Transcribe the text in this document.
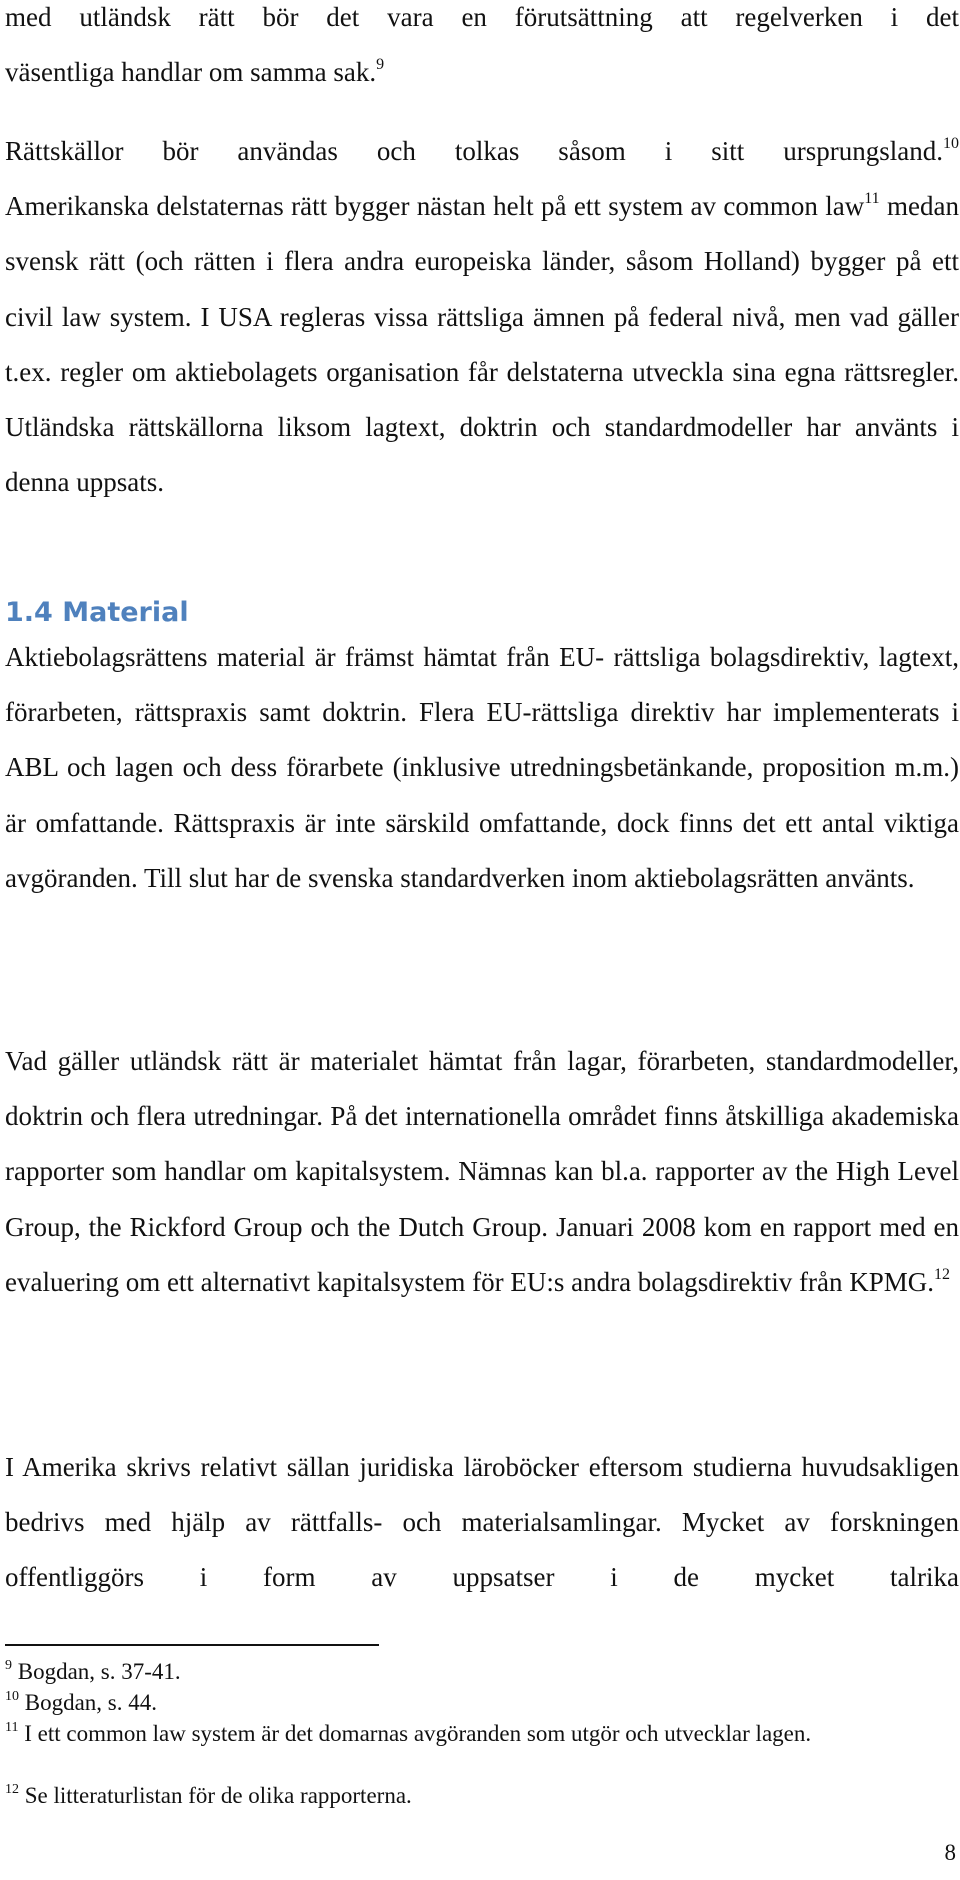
med utländsk rätt bör det vara en förutsättning att regelverken i det
väsentliga handlar om samma sak.$^9$

Rättskällor bör användas och tolkas såsom i sitt ursprungsland.$^{10}$
Amerikanska delstaternas rätt bygger nästan helt på ett system av common law$^{11}$ medan svensk rätt (och rätten i flera andra europeiska länder, såsom Holland) bygger på ett civil law system. I USA regleras vissa rättsliga ämnen på federal nivå, men vad gäller t.ex. regler om aktiebolagets organisation får delstaterna utveckla sina egna rättsregler. Utländska rättskällorna liksom lagtext, doktrin och standardmodeller har använts i denna uppsats.

1.4 Material

Aktiebolagsrättens material är främst hämtat från EU- rättsliga bolagsdirektiv, lagtext, förarbeten, rättspraxis samt doktrin. Flera EU-rättsliga direktiv har implementerats i ABL och lagen och dess förarbete (inklusive utredningsbetänkande, proposition m.m.) är omfattande. Rättspraxis är inte särskild omfattande, dock finns det ett antal viktiga avgöranden. Till slut har de svenska standardverken inom aktiebolagsrätten använts.

Vad gäller utländsk rätt är materialet hämtat från lagar, förarbeten, standardmodeller, doktrin och flera utredningar. På det internationella området finns åtskilliga akademiska rapporter som handlar om kapitalsystem. Nämnas kan bl.a. rapporter av the High Level Group, the Rickford Group och the Dutch Group. Januari 2008 kom en rapport med en evaluering om ett alternativt kapitalsystem för EU:s andra bolagsdirektiv från KPMG.$^{12}$

I Amerika skrivs relativt sällan juridiska läroböcker eftersom studierna huvudsakligen bedrivs med hjälp av rättfalls- och materialsamlingar. Mycket av forskningen offentliggörs i form av uppsatser i de mycket talrika

$^9$ Bogdan, s. 37-41.

$^{10}$ Bogdan, s. 44.

$^{11}$ I ett common law system är det domarnas avgöranden som utgör och utvecklar lagen.

$^{12}$ Se litteraturlistan för de olika rapporterna.

8
